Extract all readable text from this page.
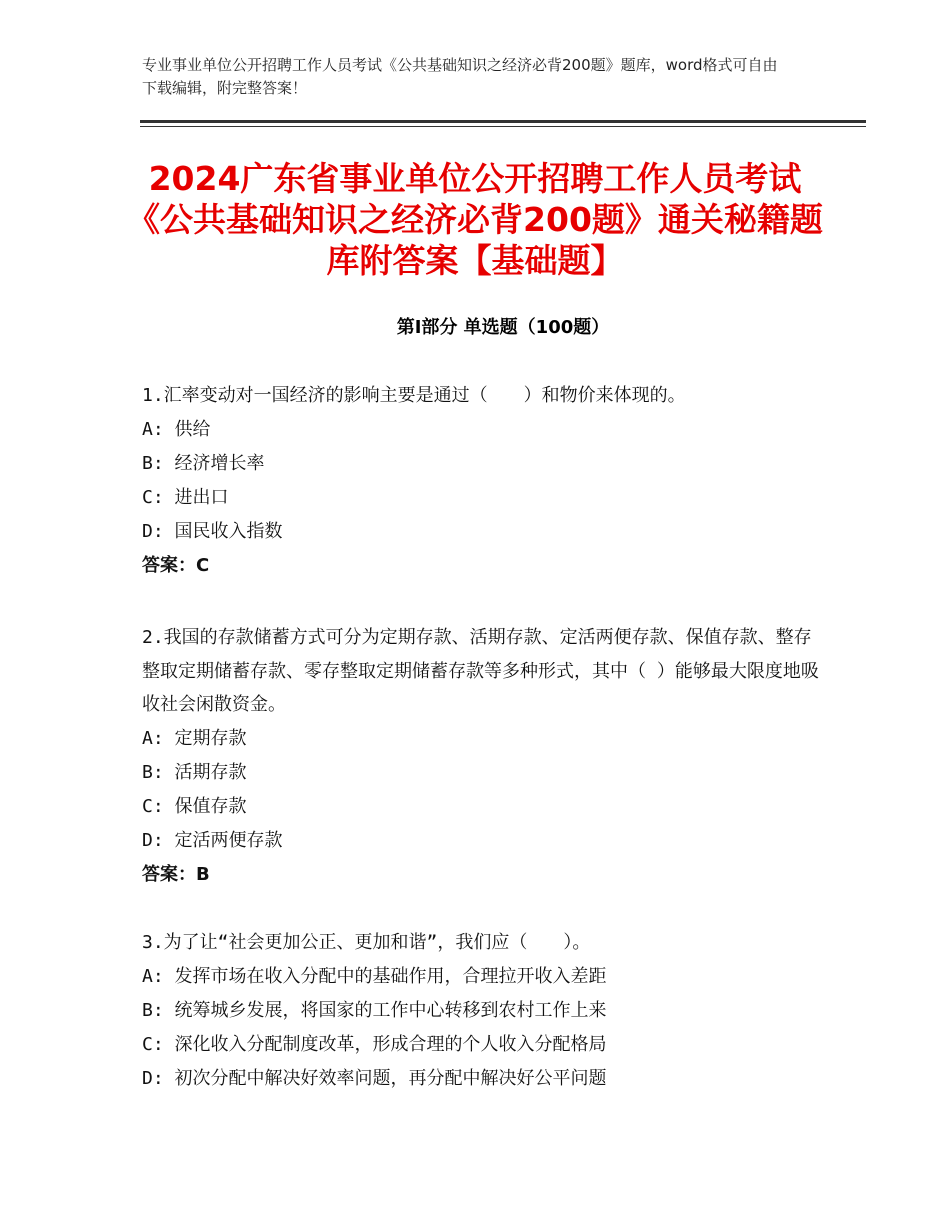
专业事业单位公开招聘工作人员考试《公共基础知识之经济必背200题》题库，word格式可自由下载编辑，附完整答案！
2024广东省事业单位公开招聘工作人员考试《公共基础知识之经济必背200题》通关秘籍题库附答案【基础题】
第Ⅰ部分 单选题（100题）

1.汇率变动对一国经济的影响主要是通过（　　）和物价来体现的。

A: 供给

B: 经济增长率

C: 进出口

D: 国民收入指数

答案：C

2.我国的存款储蓄方式可分为定期存款、活期存款、定活两便存款、保值存款、整存整取定期储蓄存款、零存整取定期储蓄存款等多种形式，其中（ ）能够最大限度地吸收社会闲散资金。

A: 定期存款

B: 活期存款

C: 保值存款

D: 定活两便存款

答案：B

3.为了让“社会更加公正、更加和谐”，我们应（　　）。

A: 发挥市场在收入分配中的基础作用，合理拉开收入差距

B: 统筹城乡发展，将国家的工作中心转移到农村工作上来

C: 深化收入分配制度改革，形成合理的个人收入分配格局

D: 初次分配中解决好效率问题，再分配中解决好公平问题
